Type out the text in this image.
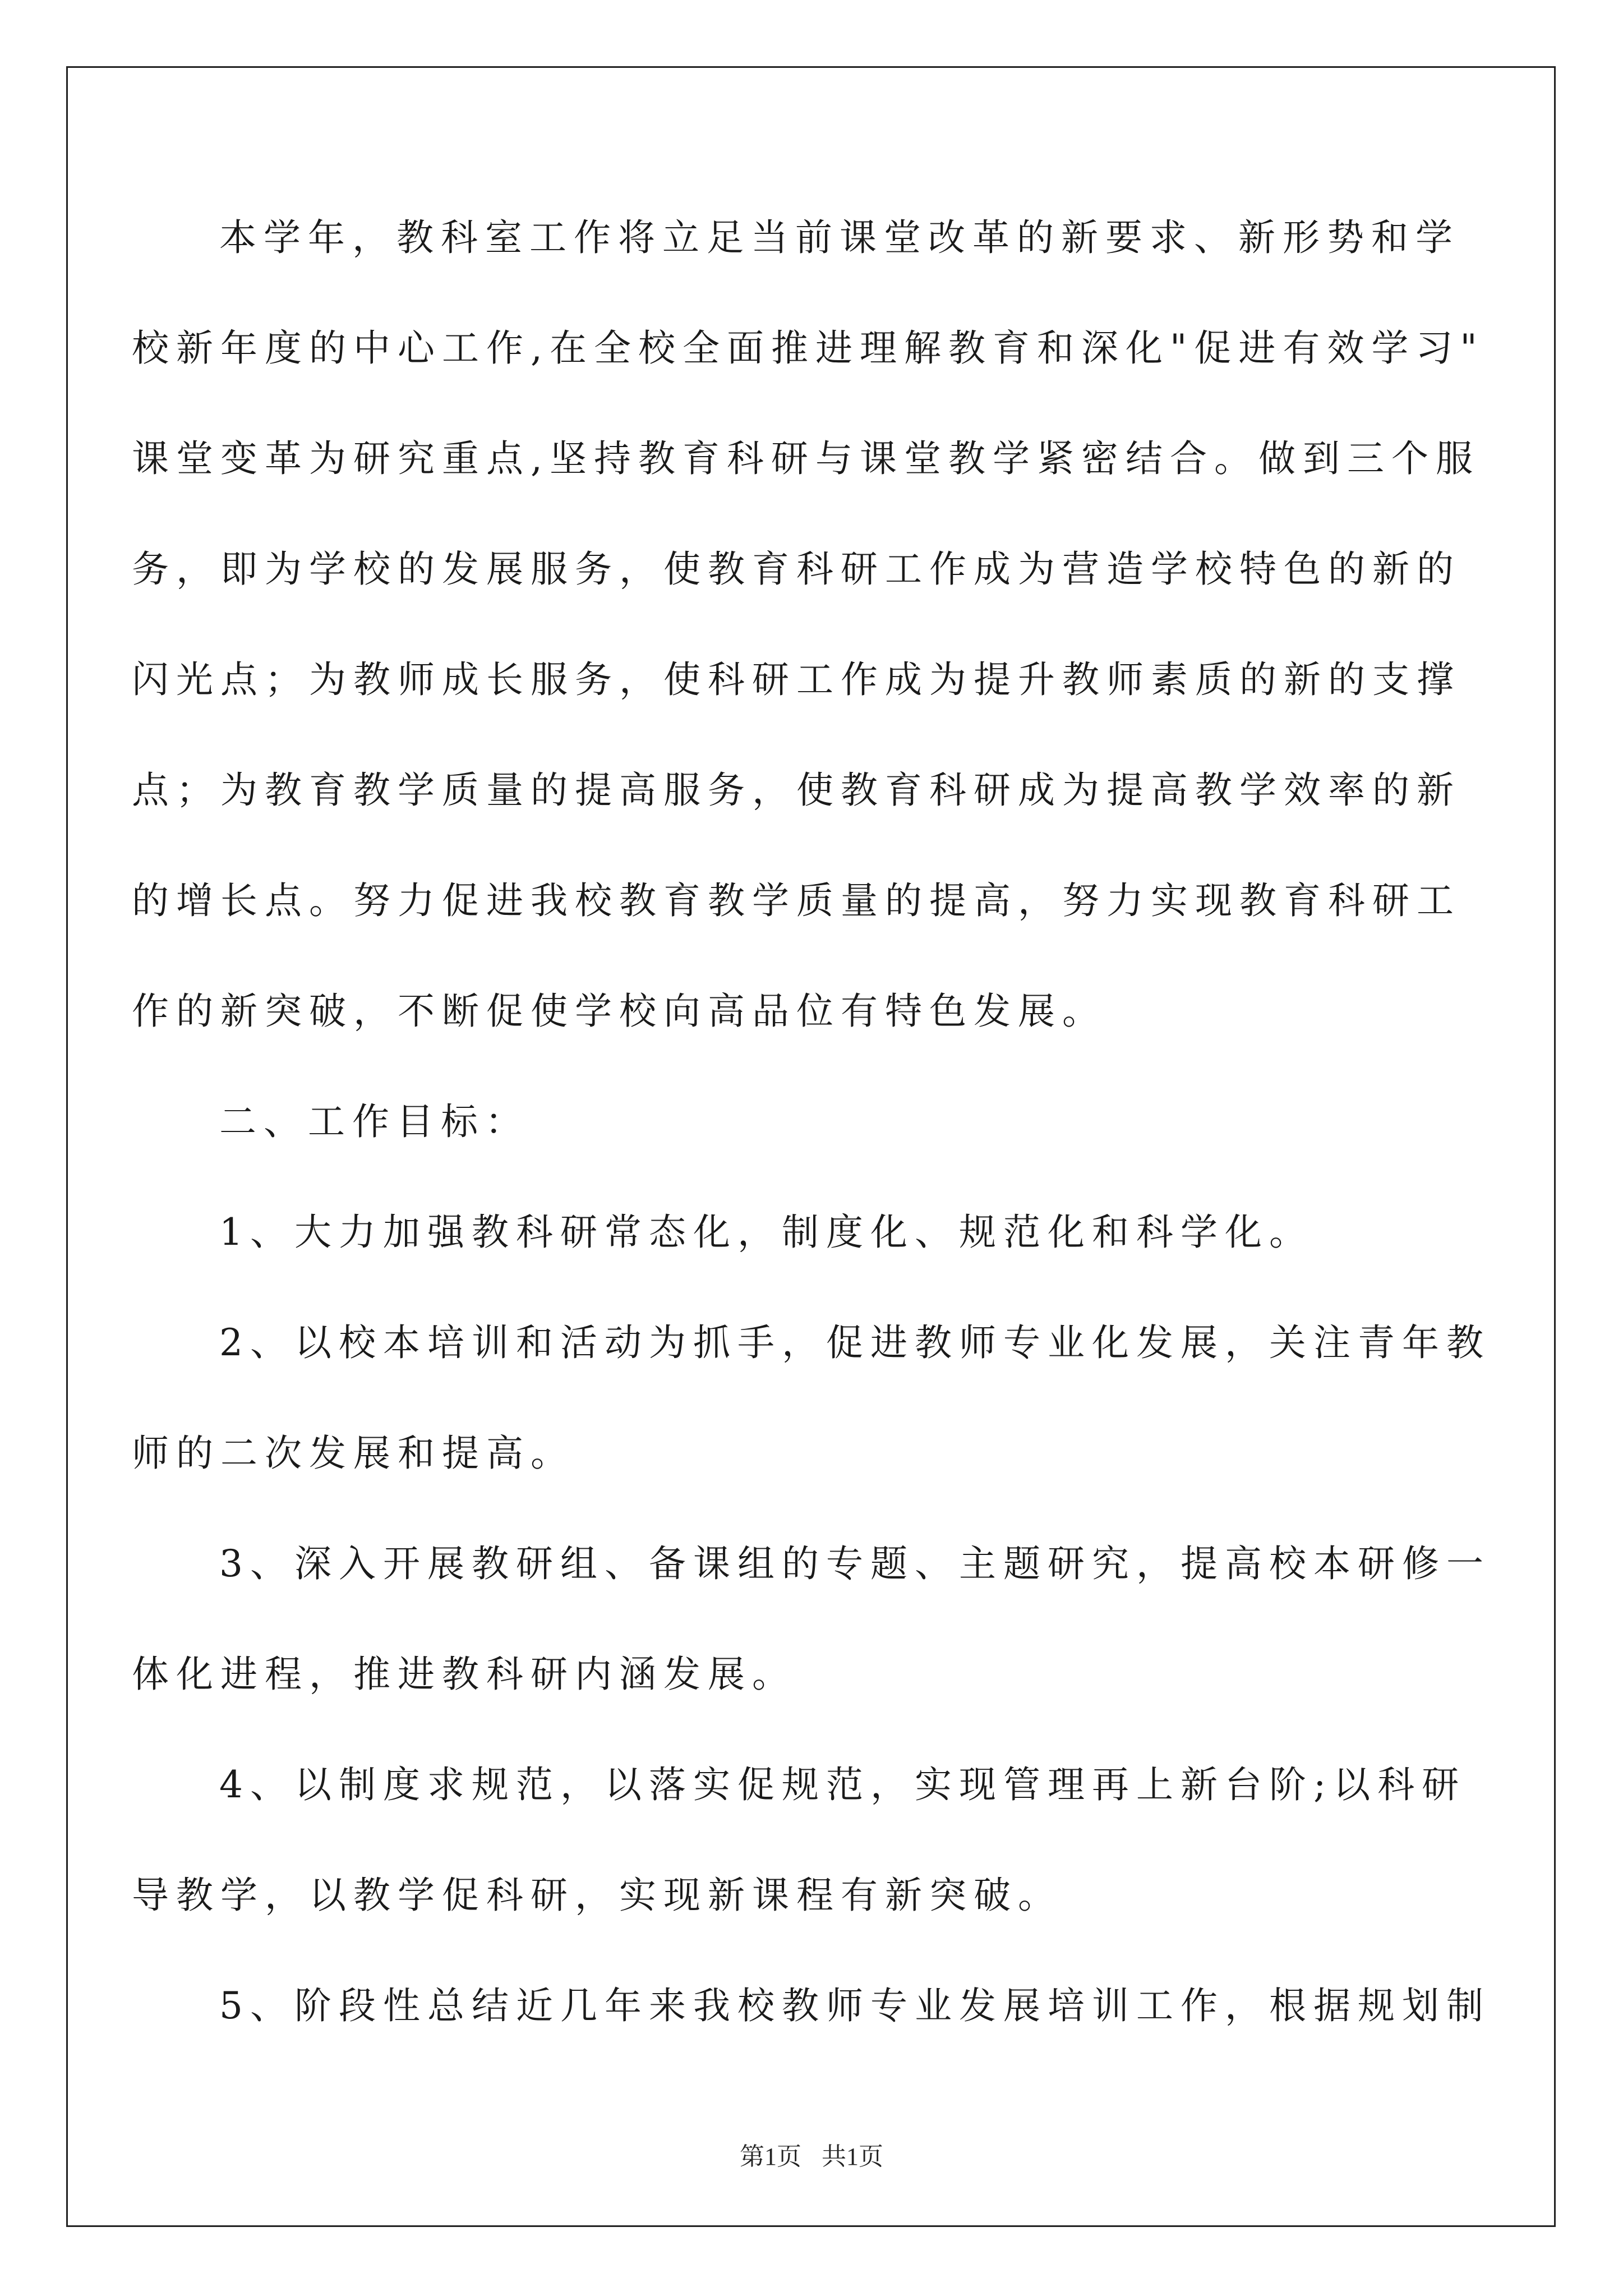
本学年，教科室工作将立足当前课堂改革的新要求、新形势和学
校新年度的中心工作,在全校全面推进理解教育和深化"促进有效学习"
课堂变革为研究重点,坚持教育科研与课堂教学紧密结合。做到三个服
务，即为学校的发展服务，使教育科研工作成为营造学校特色的新的
闪光点；为教师成长服务，使科研工作成为提升教师素质的新的支撑
点；为教育教学质量的提高服务，使教育科研成为提高教学效率的新
的增长点。努力促进我校教育教学质量的提高，努力实现教育科研工
作的新突破，不断促使学校向高品位有特色发展。
二、工作目标：
1、大力加强教科研常态化，制度化、规范化和科学化。
2、以校本培训和活动为抓手，促进教师专业化发展，关注青年教
师的二次发展和提高。
3、深入开展教研组、备课组的专题、主题研究，提高校本研修一
体化进程，推进教科研内涵发展。
4、以制度求规范，以落实促规范，实现管理再上新台阶;以科研
导教学，以教学促科研，实现新课程有新突破。
5、阶段性总结近几年来我校教师专业发展培训工作，根据规划制
第1页 共1页
